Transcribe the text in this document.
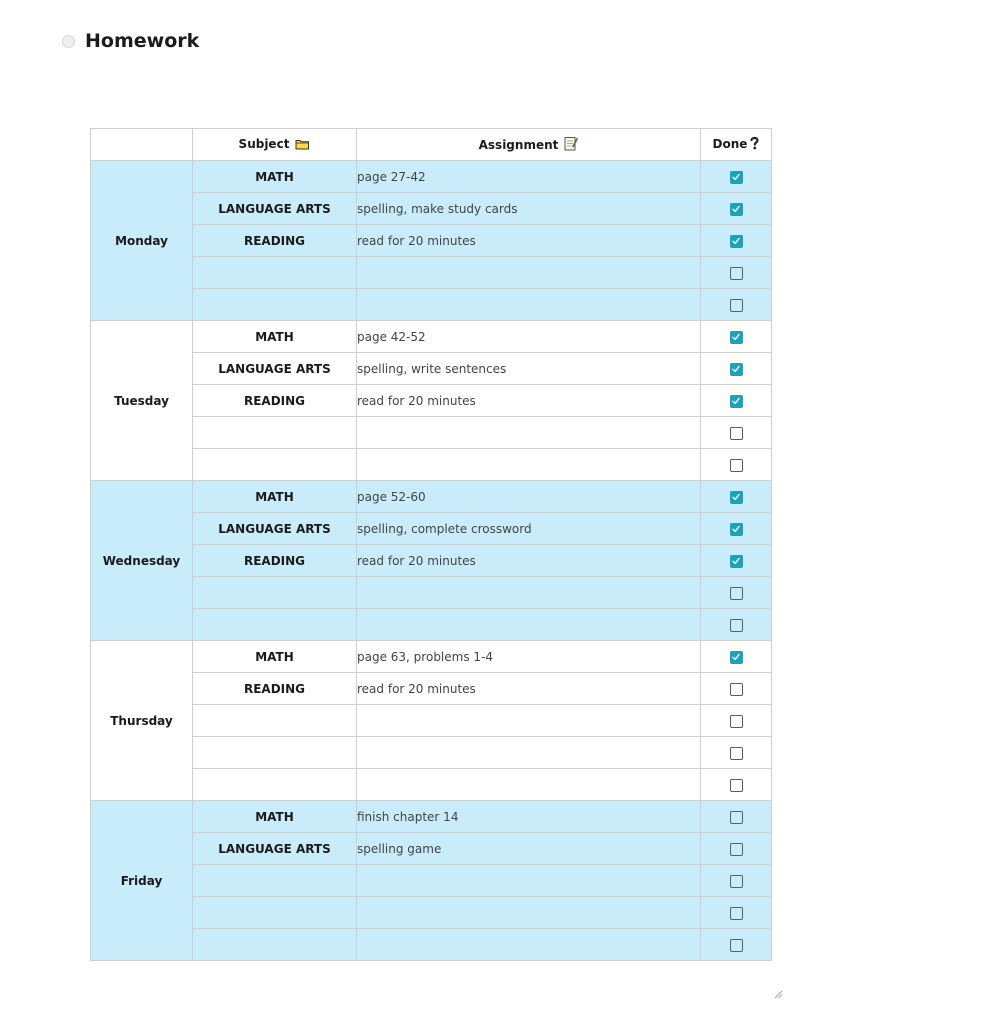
Homework
	Subject	Assignment	Done
Monday	MATH	page 27-42	

	LANGUAGE ARTS	spelling, make study cards	

	READING	read for 20 minutes	

Tuesday	MATH	page 42-52	

	LANGUAGE ARTS	spelling, write sentences	

	READING	read for 20 minutes	

Wednesday	MATH	page 52-60	

	LANGUAGE ARTS	spelling, complete crossword	

	READING	read for 20 minutes	

Thursday	MATH	page 63, problems 1-4	

	READING	read for 20 minutes	

Friday	MATH	finish chapter 14	
	LANGUAGE ARTS	spelling game	
